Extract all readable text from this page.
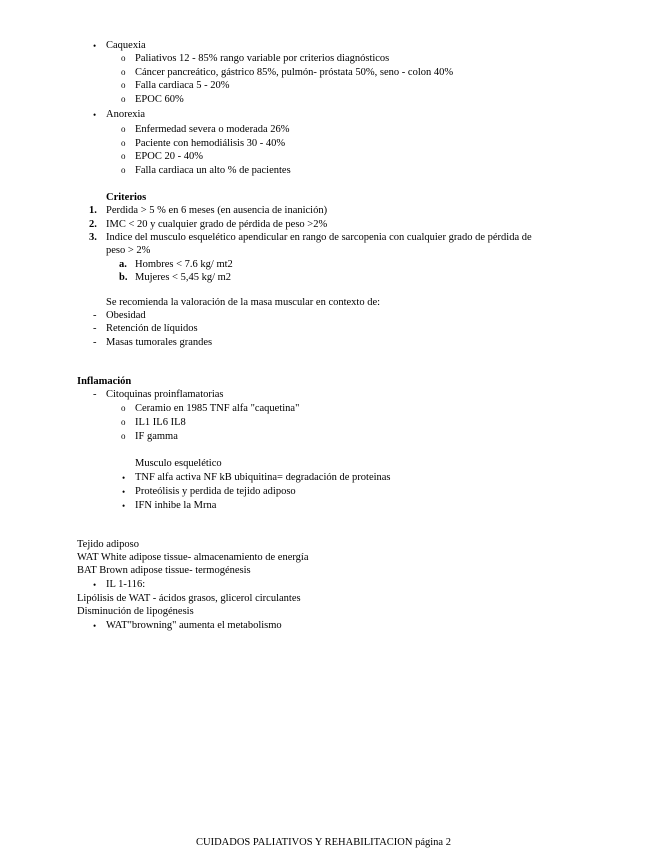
• Caquexia
o Paliativos 12 - 85% rango variable por criterios diagnósticos
o Cáncer pancreático, gástrico 85%, pulmón- próstata 50%, seno - colon 40%
o Falla cardiaca 5 - 20%
o EPOC 60%
• Anorexia
o Enfermedad severa o moderada 26%
o Paciente con hemodiálisis 30 - 40%
o EPOC 20 - 40%
o Falla cardiaca un alto % de pacientes
Criterios
1. Perdida > 5 % en 6 meses (en ausencia de inanición)
2. IMC < 20 y cualquier grado de pérdida de peso >2%
3. Indice del musculo esquelético apendicular en rango de sarcopenia con cualquier grado de pérdida de peso > 2%
a. Hombres < 7.6 kg/ mt2
b. Mujeres < 5,45 kg/ m2
Se recomienda la valoración de la masa muscular en contexto de:
- Obesidad
- Retención de líquidos
- Masas tumorales grandes
Inflamación
- Citoquinas proinflamatorias
o Ceramio en 1985 TNF alfa "caquetina"
o IL1 IL6 IL8
o IF gamma
Musculo esquelético
• TNF alfa activa NF kB ubiquitina= degradación de proteinas
• Proteólisis y perdida de tejido adiposo
• IFN inhibe la Mrna
Tejido adiposo
WAT White adipose tissue- almacenamiento de energía
BAT Brown adipose tissue- termogénesis
• IL 1-116:
Lipólisis de WAT - ácidos grasos, glicerol circulantes
Disminución de lipogénesis
• WAT"browning" aumenta el metabolismo
CUIDADOS PALIATIVOS Y REHABILITACION página 2
